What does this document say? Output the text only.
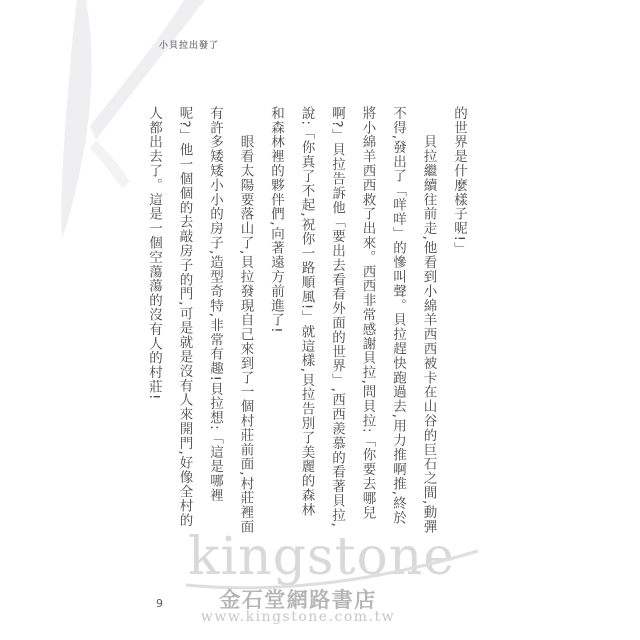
kingstone
金石堂網路書店
www.kingstone.com.tw
小貝拉出發了
的世界是什麼樣子呢!」
　　貝拉繼續往前走,他看到小綿羊西西被卡在山谷的巨石之間,動彈
不得,發出了「咩咩」的慘叫聲。貝拉趕快跑過去,用力推啊推,終於
將小綿羊西西救了出來。西西非常感謝貝拉,問貝拉:「你要去哪兒
啊?」貝拉告訴他「要出去看看外面的世界」,西西羨慕的看著貝拉,
說:「你真了不起,祝你一路順風!」就這樣,貝拉告別了美麗的森林
和森林裡的夥伴們,向著遠方前進了!
　　眼看太陽要落山了,貝拉發現自己來到了一個村莊前面,村莊裡面
有許多矮矮小小的房子,造型奇特,非常有趣!貝拉想:「這是哪裡
呢?」他一個個的去敲房子的門,可是就是沒有人來開門,好像全村的
人都出去了。這是一個空蕩蕩的沒有人的村莊!
9
